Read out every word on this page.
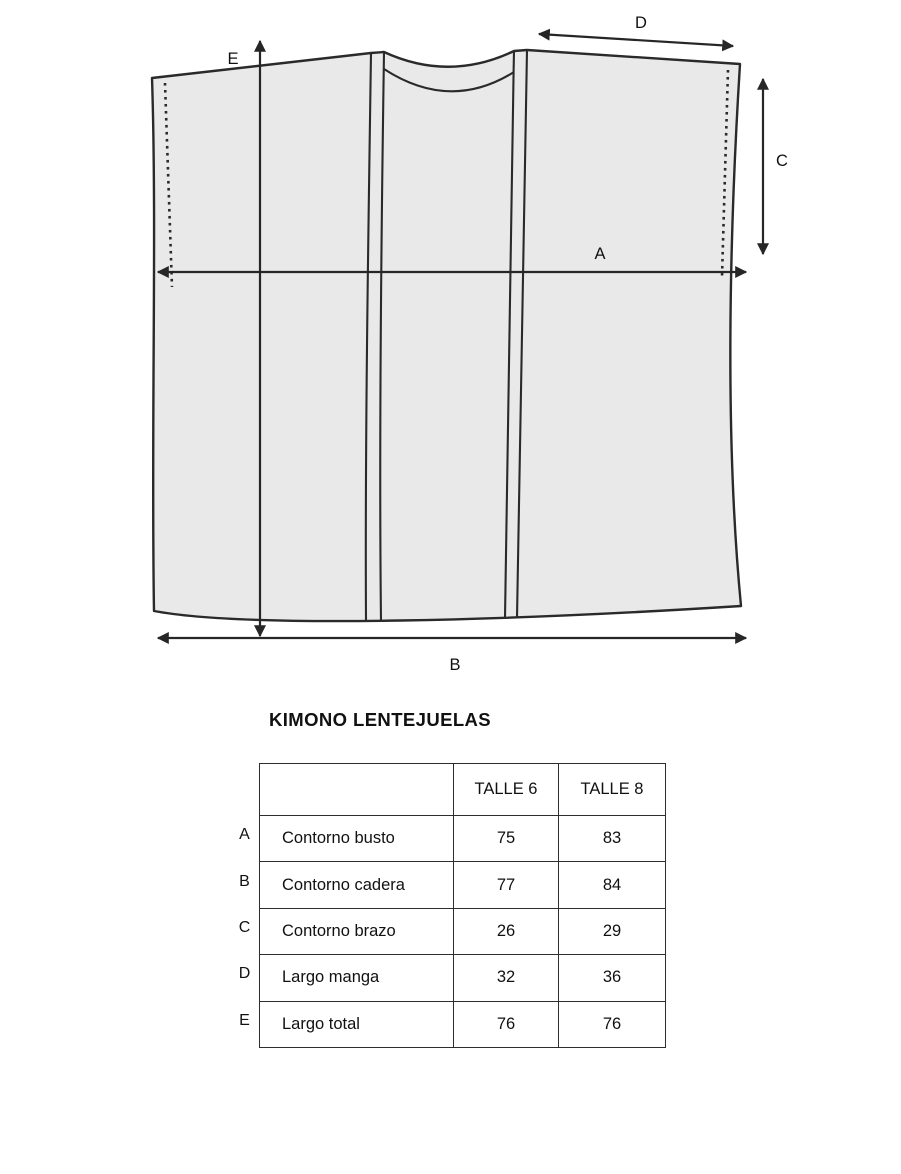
E
D
A
C
B
KIMONO LENTEJUELAS
A
B
C
D
E
	TALLE 6	TALLE 8
Contorno busto	75	83
Contorno cadera	77	84
Contorno brazo	26	29
Largo manga	32	36
Largo total	76	76
